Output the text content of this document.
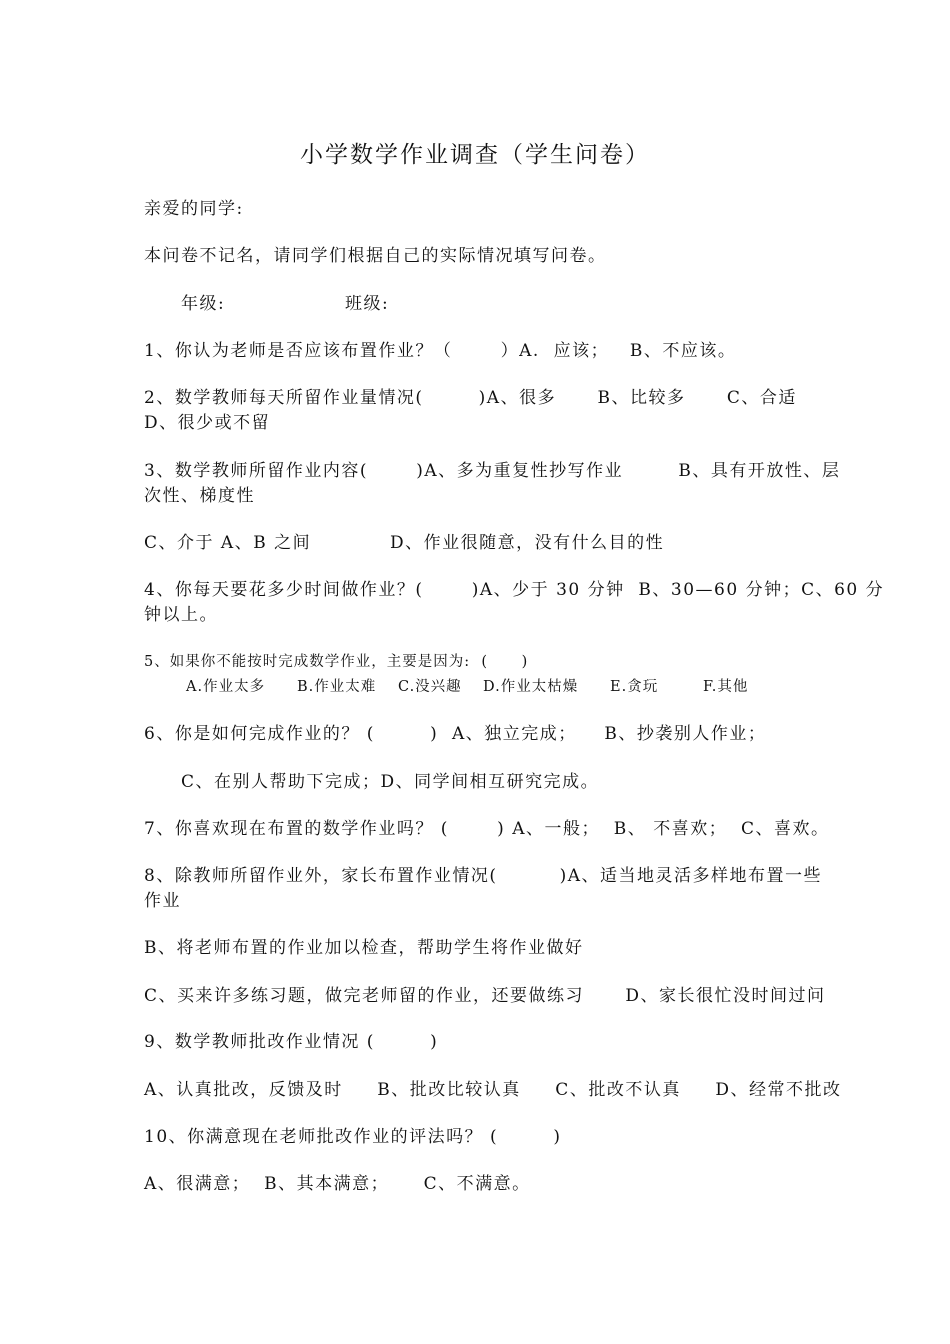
小学数学作业调查（学生问卷）
亲爱的同学:
本问卷不记名，请同学们根据自己的实际情况填写问卷。
年级:	班级:
1、你认为老师是否应该布置作业？（       ）A.  应该；   B、不应该。
2、数学教师每天所留作业量情况(        )A、很多      B、比较多      C、合适
D、很少或不留
3、数学教师所留作业内容(       )A、多为重复性抄写作业        B、具有开放性、层
次性、梯度性
C、介于 A、B 之间	D、作业很随意，没有什么目的性
4、你每天要花多少时间做作业？(       )A、少于 30 分钟  B、30—60 分钟；C、60 分
钟以上。
5、如果你不能按时完成数学作业，主要是因为:  (      )
A.作业太多 B.作业太难 C.没兴趣 D.作业太枯燥 E.贪玩	F.其他
6、你是如何完成作业的？ (        )  A、独立完成；    B、抄袭别人作业；
C、在别人帮助下完成；D、同学间相互研究完成。
7、你喜欢现在布置的数学作业吗？ (       ) A、一般；  B、 不喜欢；  C、喜欢。
8、除教师所留作业外，家长布置作业情况(         )A、适当地灵活多样地布置一些
作业
B、将老师布置的作业加以检查，帮助学生将作业做好
C、买来许多练习题，做完老师留的作业，还要做练习      D、家长很忙没时间过问
9、数学教师批改作业情况 (        )
A、认真批改，反馈及时     B、批改比较认真     C、批改不认真     D、经常不批改
10、你满意现在老师批改作业的评法吗？ (        )
A、很满意；  B、其本满意；     C、不满意。
